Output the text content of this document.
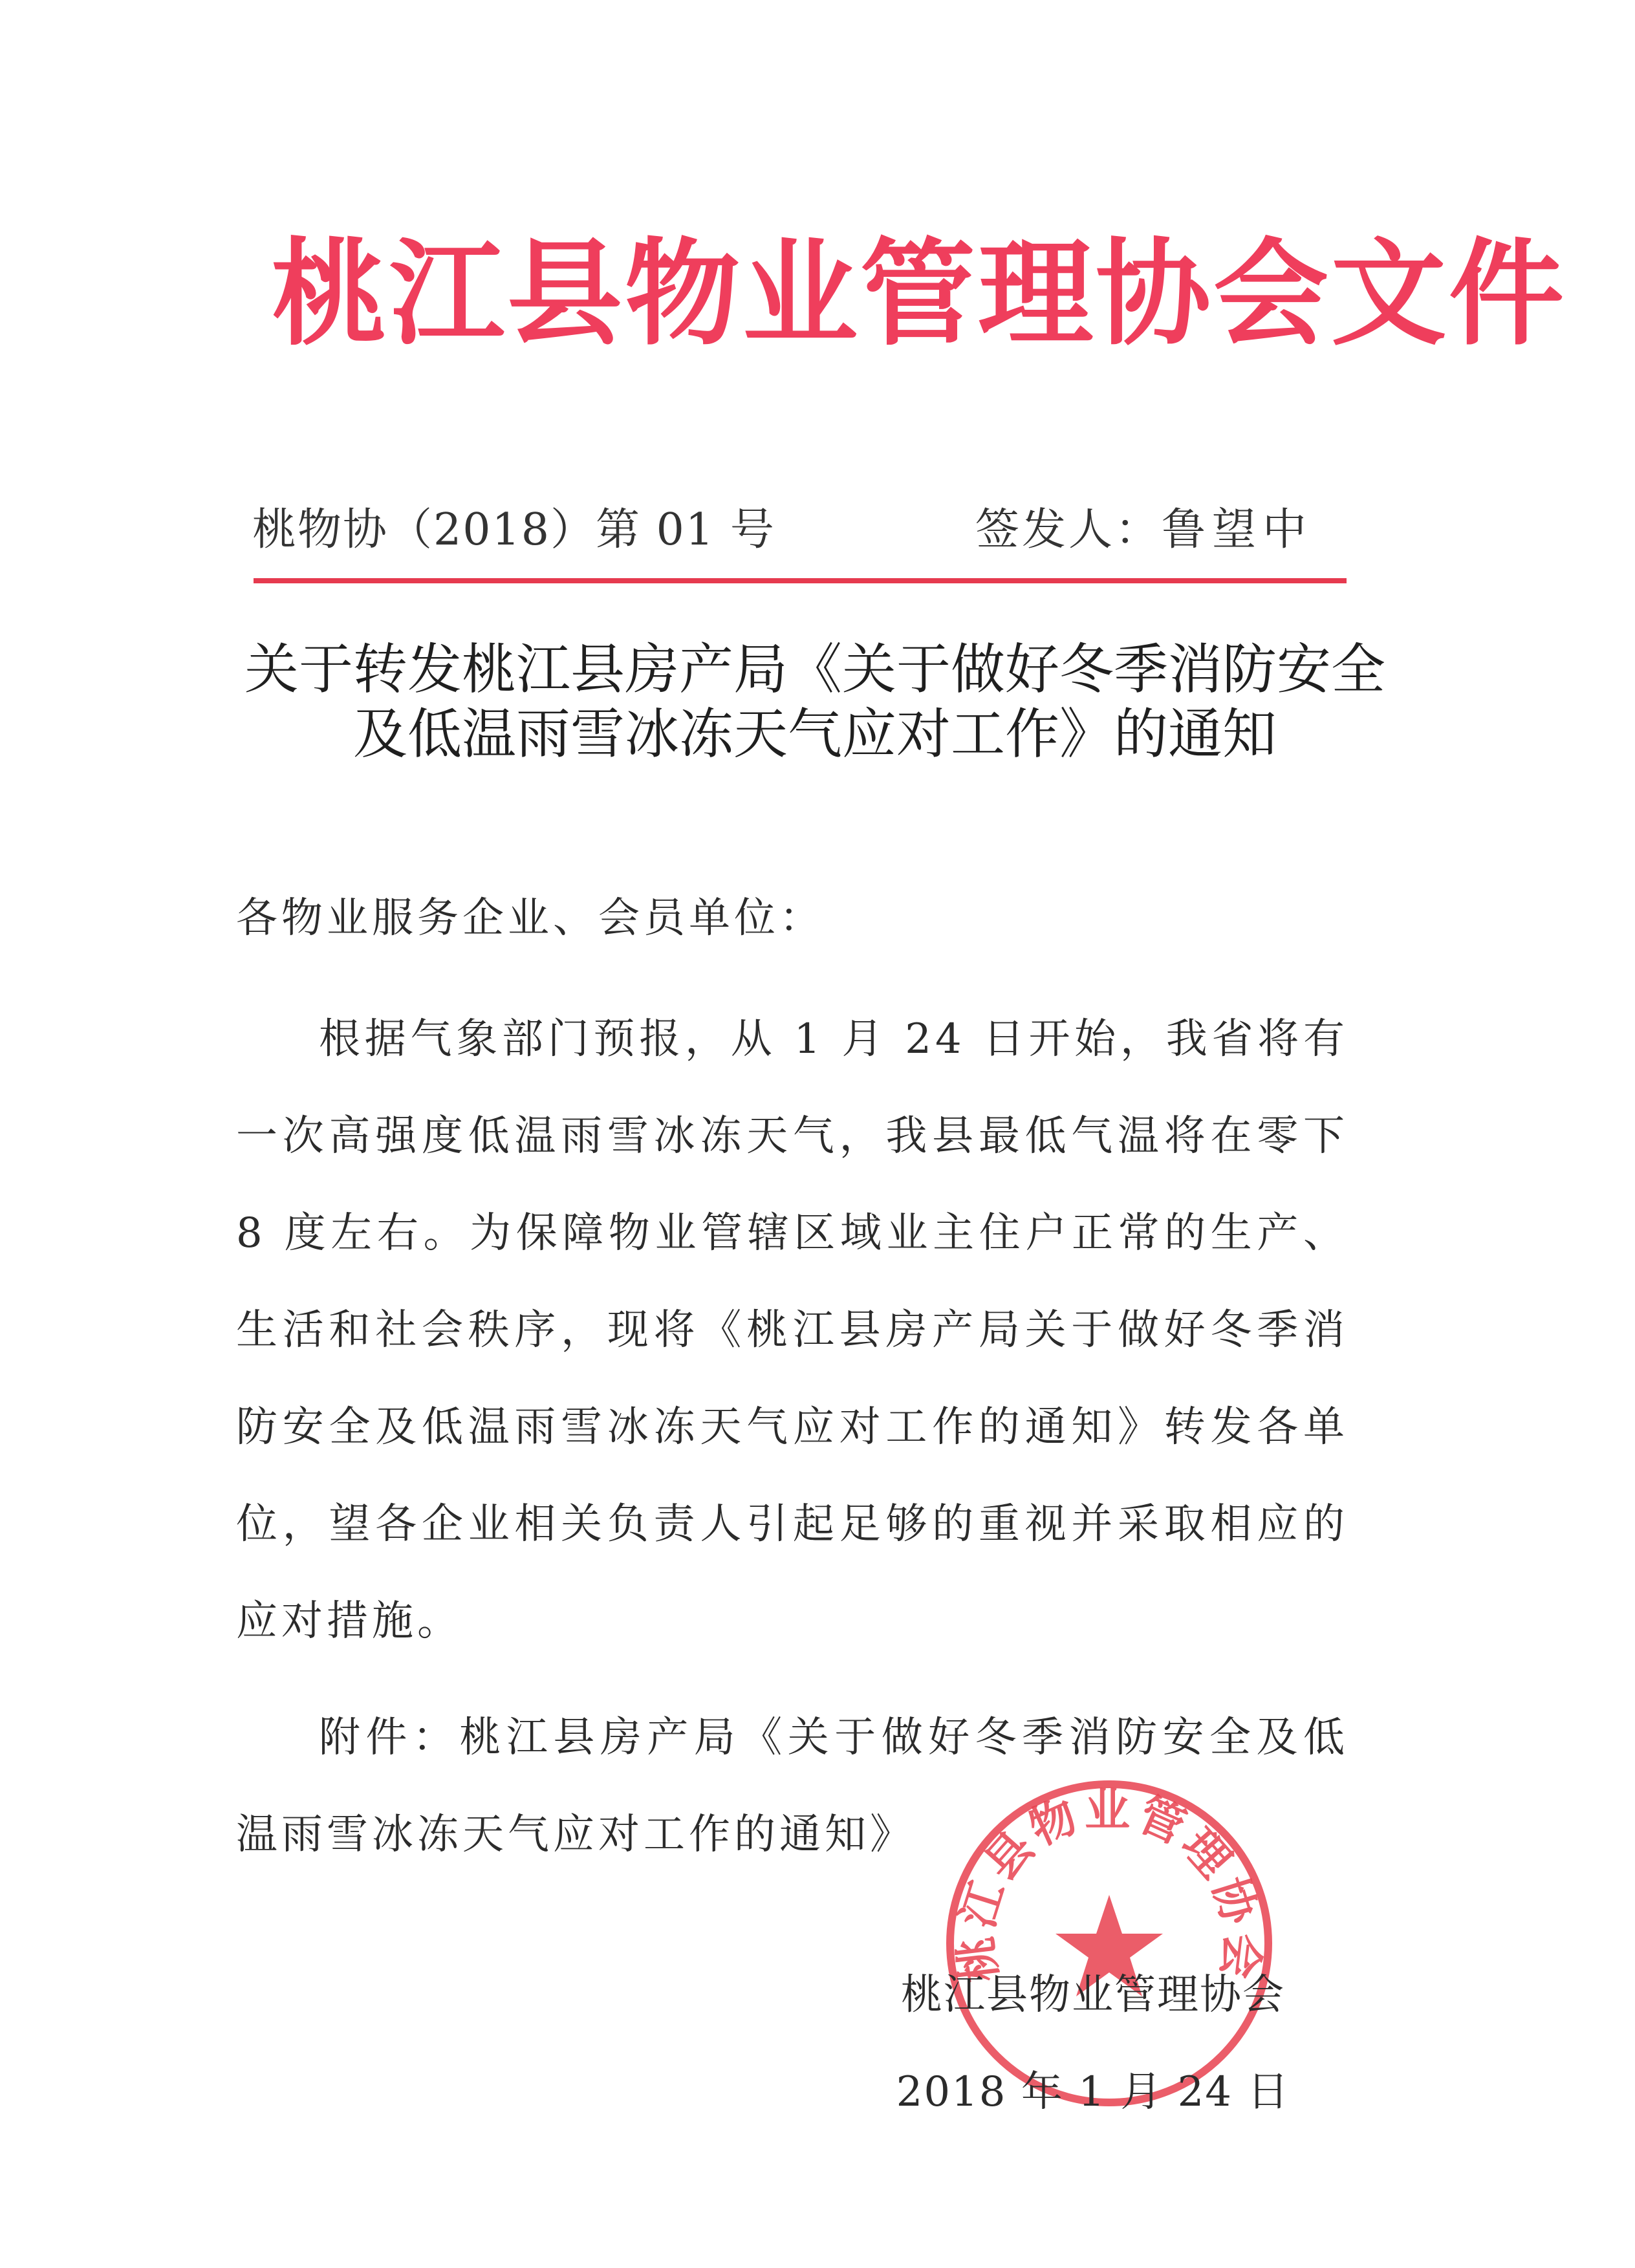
桃江县物业管理协会文件
桃物协（2018）第 01 号	签发人：鲁望中
关于转发桃江县房产局《关于做好冬季消防安全
及低温雨雪冰冻天气应对工作》的通知
各物业服务企业、会员单位：

根据气象部门预报，从 1 月 24 日开始，我省将有一次高强度低温雨雪冰冻天气，我县最低气温将在零下 8 度左右。为保障物业管辖区域业主住户正常的生产、生活和社会秩序，现将《桃江县房产局关于做好冬季消防安全及低温雨雪冰冻天气应对工作的通知》转发各单位，望各企业相关负责人引起足够的重视并采取相应的应对措施。

附件：桃江县房产局《关于做好冬季消防安全及低温雨雪冰冻天气应对工作的通知》

桃江县物业管理协会
桃江县物业管理协会
2018 年 1 月 24 日
